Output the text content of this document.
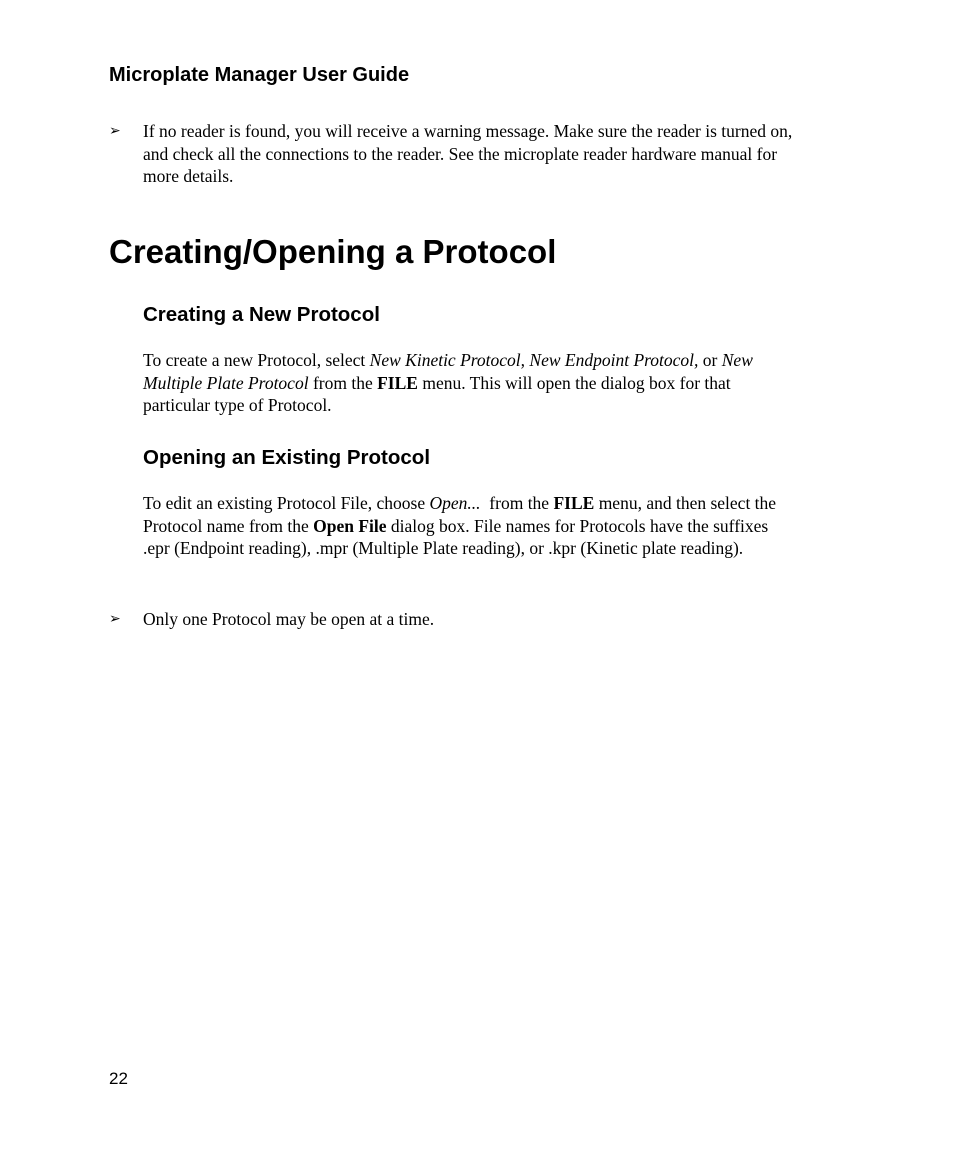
Microplate Manager User Guide
➢	If no reader is found, you will receive a warning message. Make sure the reader is turned on, and check all the connections to the reader. See the microplate reader hardware manual for more details.

Creating/Opening a Protocol
Creating a New Protocol

To create a new Protocol, select New Kinetic Protocol, New Endpoint Protocol, or New Multiple Plate Protocol from the FILE menu. This will open the dialog box for that particular type of Protocol.

Opening an Existing Protocol

To edit an existing Protocol File, choose Open...  from the FILE menu, and then select the Protocol name from the Open File dialog box. File names for Protocols have the suffixes .epr (Endpoint reading), .mpr (Multiple Plate reading), or .kpr (Kinetic plate reading).

➢	Only one Protocol may be open at a time.

22
